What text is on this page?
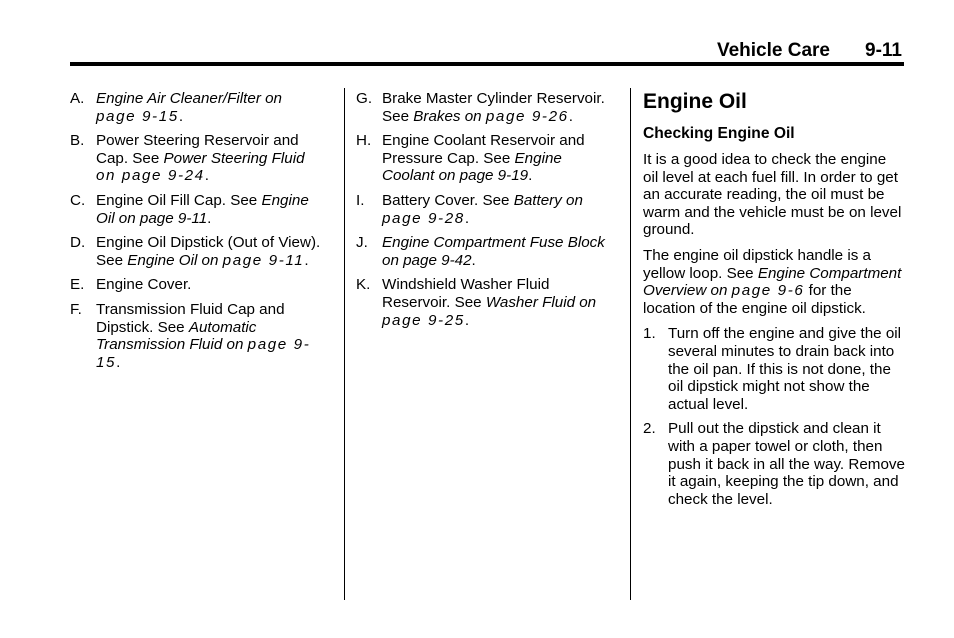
Vehicle Care 9-11
A. Engine Air Cleaner/Filter on page 9-15.
B. Power Steering Reservoir and Cap. See Power Steering Fluid on page 9-24.
C. Engine Oil Fill Cap. See Engine Oil on page 9-11.
D. Engine Oil Dipstick (Out of View). See Engine Oil on page 9-11.
E. Engine Cover.
F. Transmission Fluid Cap and Dipstick. See Automatic Transmission Fluid on page 9-15.
G. Brake Master Cylinder Reservoir. See Brakes on page 9-26.
H. Engine Coolant Reservoir and Pressure Cap. See Engine Coolant on page 9-19.
I. Battery Cover. See Battery on page 9-28.
J. Engine Compartment Fuse Block on page 9-42.
K. Windshield Washer Fluid Reservoir. See Washer Fluid on page 9-25.
Engine Oil
Checking Engine Oil

It is a good idea to check the engine oil level at each fuel fill. In order to get an accurate reading, the oil must be warm and the vehicle must be on level ground.

The engine oil dipstick handle is a yellow loop. See Engine Compartment Overview on page 9-6 for the location of the engine oil dipstick.

1. Turn off the engine and give the oil several minutes to drain back into the oil pan. If this is not done, the oil dipstick might not show the actual level.
2. Pull out the dipstick and clean it with a paper towel or cloth, then push it back in all the way. Remove it again, keeping the tip down, and check the level.
